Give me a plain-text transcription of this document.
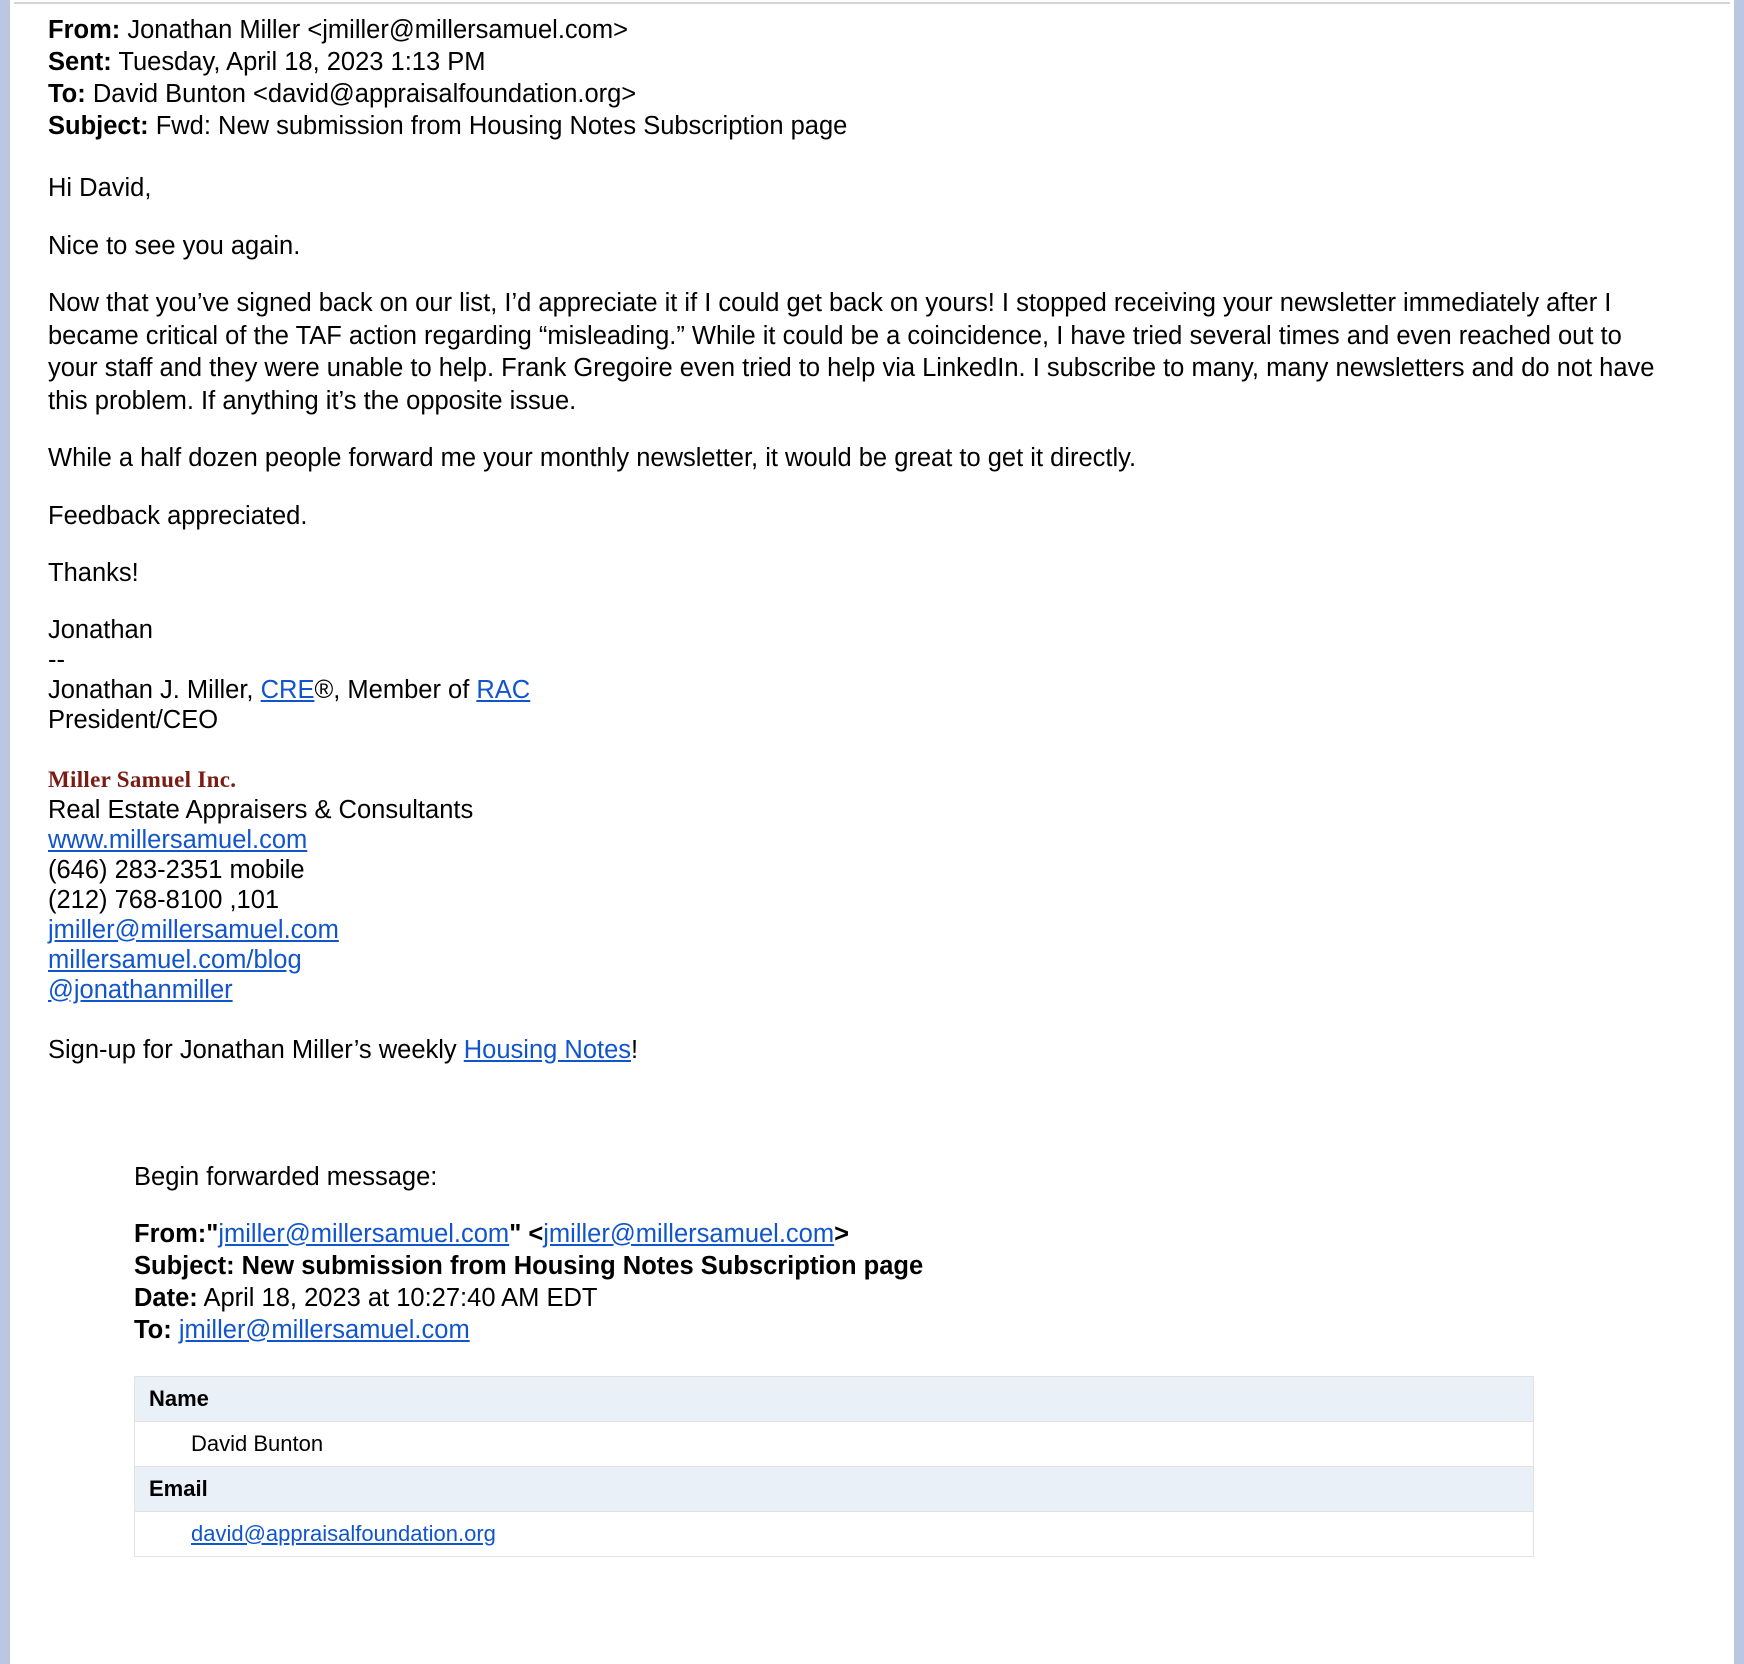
From: Jonathan Miller <jmiller@millersamuel.com>
Sent: Tuesday, April 18, 2023 1:13 PM
To: David Bunton <david@appraisalfoundation.org>
Subject: Fwd: New submission from Housing Notes Subscription page

Hi David,

Nice to see you again.

Now that you’ve signed back on our list, I’d appreciate it if I could get back on yours! I stopped receiving your newsletter immediately after I became critical of the TAF action regarding “misleading.” While it could be a coincidence, I have tried several times and even reached out to your staff and they were unable to help. Frank Gregoire even tried to help via LinkedIn. I subscribe to many, many newsletters and do not have this problem. If anything it’s the opposite issue.

While a half dozen people forward me your monthly newsletter, it would be great to get it directly.

Feedback appreciated.

Thanks!

Jonathan
--
Jonathan J. Miller, CRE®, Member of RAC
President/CEO
Miller Samuel Inc.
Real Estate Appraisers & Consultants
www.millersamuel.com
(646) 283-2351 mobile
(212) 768-8100 ,101
jmiller@millersamuel.com
millersamuel.com/blog
@jonathanmiller
Sign-up for Jonathan Miller’s weekly Housing Notes!
Begin forwarded message:
From:"jmiller@millersamuel.com" <jmiller@millersamuel.com>
Subject: New submission from Housing Notes Subscription page
Date: April 18, 2023 at 10:27:40 AM EDT
To: jmiller@millersamuel.com
Name
David Bunton
Email
david@appraisalfoundation.org
